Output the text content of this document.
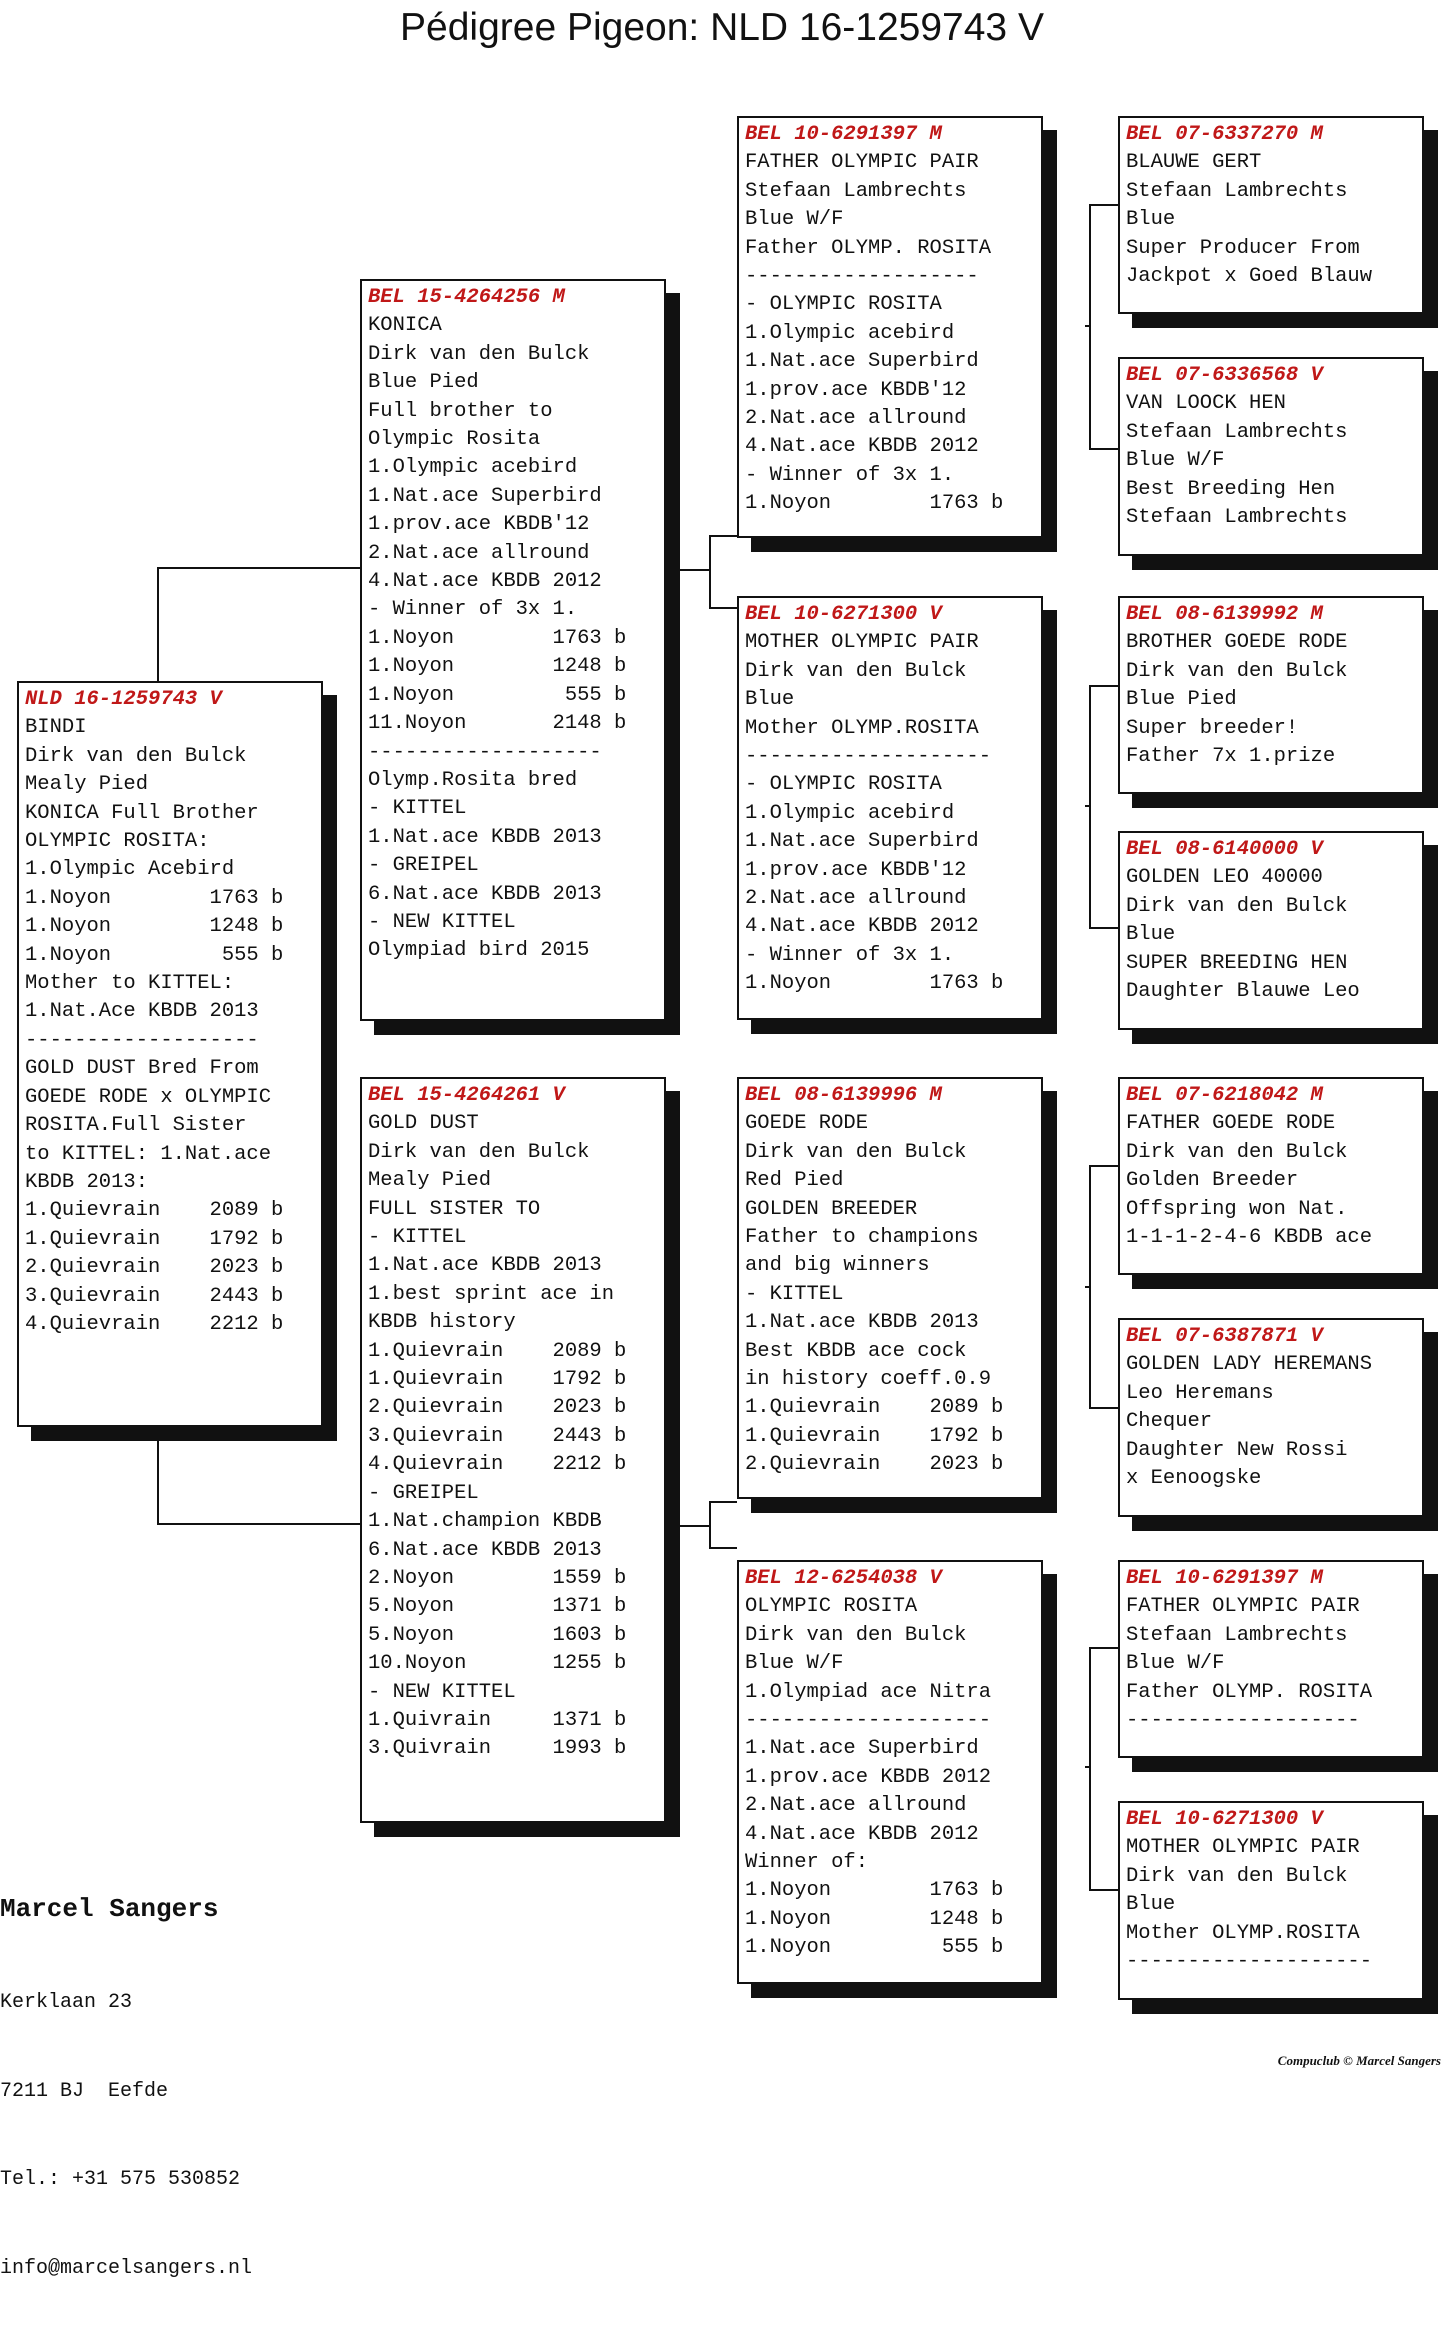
Pédigree Pigeon: NLD 16-1259743 V
NLD 16-1259743 V
BINDI
Dirk van den Bulck
Mealy Pied
KONICA Full Brother
OLYMPIC ROSITA:
1.Olympic Acebird
1.Noyon        1763 b
1.Noyon        1248 b
1.Noyon         555 b
Mother to KITTEL:
1.Nat.Ace KBDB 2013
-------------------
GOLD DUST Bred From
GOEDE RODE x OLYMPIC
ROSITA.Full Sister
to KITTEL: 1.Nat.ace
KBDB 2013:
1.Quievrain    2089 b
1.Quievrain    1792 b
2.Quievrain    2023 b
3.Quievrain    2443 b
4.Quievrain    2212 b
BEL 15-4264256 M
KONICA
Dirk van den Bulck
Blue Pied
Full brother to
Olympic Rosita
1.Olympic acebird
1.Nat.ace Superbird
1.prov.ace KBDB'12
2.Nat.ace allround
4.Nat.ace KBDB 2012
- Winner of 3x 1.
1.Noyon        1763 b
1.Noyon        1248 b
1.Noyon         555 b
11.Noyon       2148 b
-------------------
Olymp.Rosita bred
- KITTEL
1.Nat.ace KBDB 2013
- GREIPEL
6.Nat.ace KBDB 2013
- NEW KITTEL
Olympiad bird 2015
BEL 15-4264261 V
GOLD DUST
Dirk van den Bulck
Mealy Pied
FULL SISTER TO
- KITTEL
1.Nat.ace KBDB 2013
1.best sprint ace in
KBDB history
1.Quievrain    2089 b
1.Quievrain    1792 b
2.Quievrain    2023 b
3.Quievrain    2443 b
4.Quievrain    2212 b
- GREIPEL
1.Nat.champion KBDB
6.Nat.ace KBDB 2013
2.Noyon        1559 b
5.Noyon        1371 b
5.Noyon        1603 b
10.Noyon       1255 b
- NEW KITTEL
1.Quivrain     1371 b
3.Quivrain     1993 b
BEL 10-6291397 M
FATHER OLYMPIC PAIR
Stefaan Lambrechts
Blue W/F
Father OLYMP. ROSITA
-------------------
- OLYMPIC ROSITA
1.Olympic acebird
1.Nat.ace Superbird
1.prov.ace KBDB'12
2.Nat.ace allround
4.Nat.ace KBDB 2012
- Winner of 3x 1.
1.Noyon        1763 b
BEL 10-6271300 V
MOTHER OLYMPIC PAIR
Dirk van den Bulck
Blue
Mother OLYMP.ROSITA
--------------------
- OLYMPIC ROSITA
1.Olympic acebird
1.Nat.ace Superbird
1.prov.ace KBDB'12
2.Nat.ace allround
4.Nat.ace KBDB 2012
- Winner of 3x 1.
1.Noyon        1763 b
BEL 08-6139996 M
GOEDE RODE
Dirk van den Bulck
Red Pied
GOLDEN BREEDER
Father to champions
and big winners
- KITTEL
1.Nat.ace KBDB 2013
Best KBDB ace cock
in history coeff.0.9
1.Quievrain    2089 b
1.Quievrain    1792 b
2.Quievrain    2023 b
BEL 12-6254038 V
OLYMPIC ROSITA
Dirk van den Bulck
Blue W/F
1.Olympiad ace Nitra
--------------------
1.Nat.ace Superbird
1.prov.ace KBDB 2012
2.Nat.ace allround
4.Nat.ace KBDB 2012
Winner of:
1.Noyon        1763 b
1.Noyon        1248 b
1.Noyon         555 b
BEL 07-6337270 M
BLAUWE GERT
Stefaan Lambrechts
Blue
Super Producer From
Jackpot x Goed Blauw
BEL 07-6336568 V
VAN LOOCK HEN
Stefaan Lambrechts
Blue W/F
Best Breeding Hen
Stefaan Lambrechts
BEL 08-6139992 M
BROTHER GOEDE RODE
Dirk van den Bulck
Blue Pied
Super breeder!
Father 7x 1.prize
BEL 08-6140000 V
GOLDEN LEO 40000
Dirk van den Bulck
Blue
SUPER BREEDING HEN
Daughter Blauwe Leo
BEL 07-6218042 M
FATHER GOEDE RODE
Dirk van den Bulck
Golden Breeder
Offspring won Nat.
1-1-1-2-4-6 KBDB ace
BEL 07-6387871 V
GOLDEN LADY HEREMANS
Leo Heremans
Chequer
Daughter New Rossi
x Eenoogske
BEL 10-6291397 M
FATHER OLYMPIC PAIR
Stefaan Lambrechts
Blue W/F
Father OLYMP. ROSITA
-------------------
BEL 10-6271300 V
MOTHER OLYMPIC PAIR
Dirk van den Bulck
Blue
Mother OLYMP.ROSITA
--------------------

Marcel Sangers

Kerklaan 23

7211 BJ  Eefde

Tel.: +31 575 530852

info@marcelsangers.nl

Compuclub © Marcel Sangers
